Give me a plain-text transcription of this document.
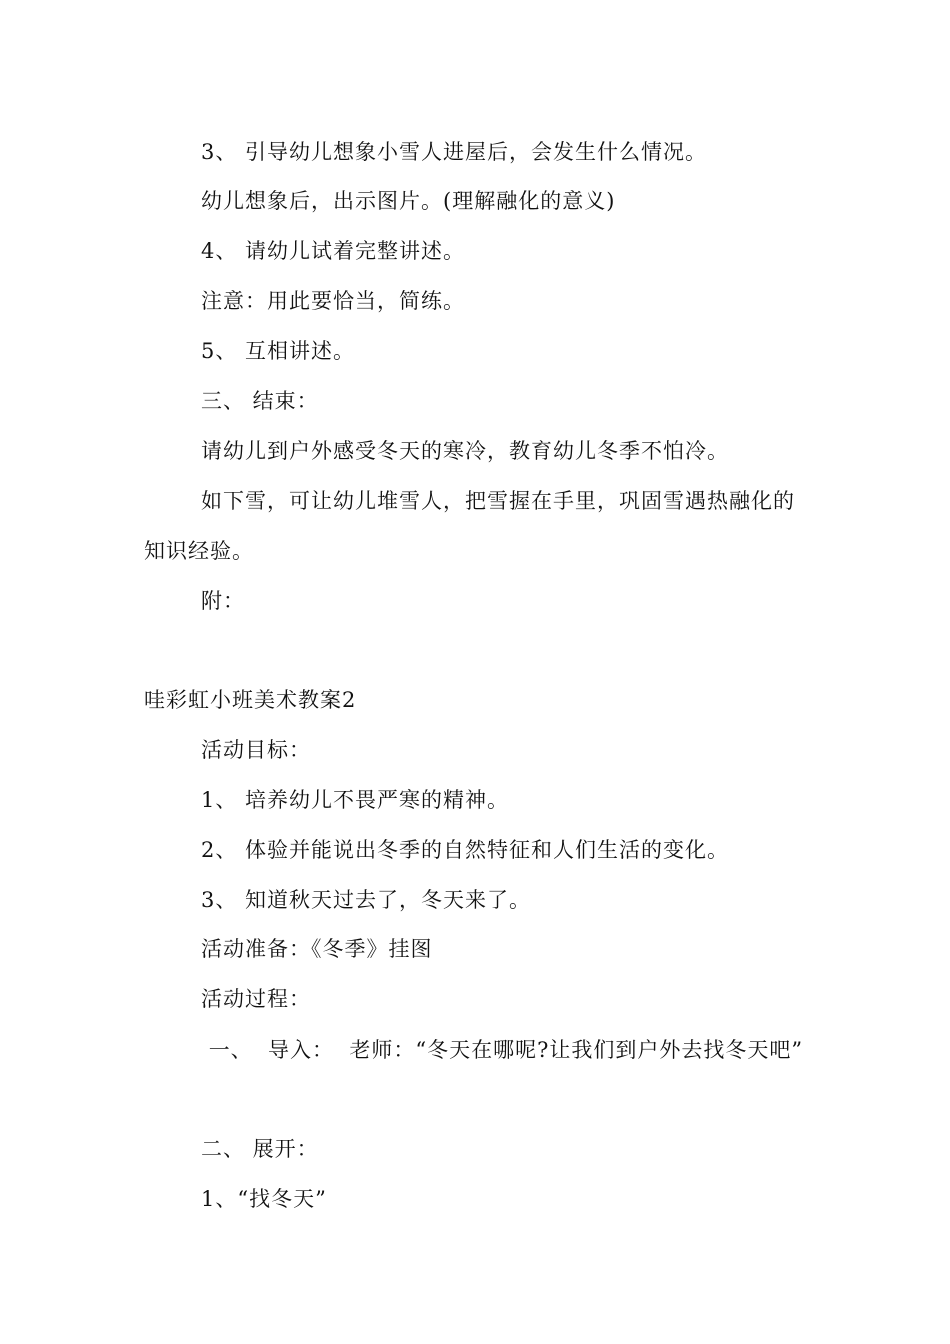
3、 引导幼儿想象小雪人进屋后，会发生什么情况。
幼儿想象后，出示图片。(理解融化的意义)
4、 请幼儿试着完整讲述。
注意：用此要恰当，简练。
5、 互相讲述。
三、 结束：
请幼儿到户外感受冬天的寒冷，教育幼儿冬季不怕冷。
如下雪，可让幼儿堆雪人，把雪握在手里，巩固雪遇热融化的知识经验。
附：
哇彩虹小班美术教案2
活动目标：
1、 培养幼儿不畏严寒的精神。
2、 体验并能说出冬季的自然特征和人们生活的变化。
3、 知道秋天过去了，冬天来了。
活动准备：《冬季》挂图
活动过程：
一、  导入：  老师：“冬天在哪呢?让我们到户外去找冬天吧”
二、 展开：
1、“找冬天”
